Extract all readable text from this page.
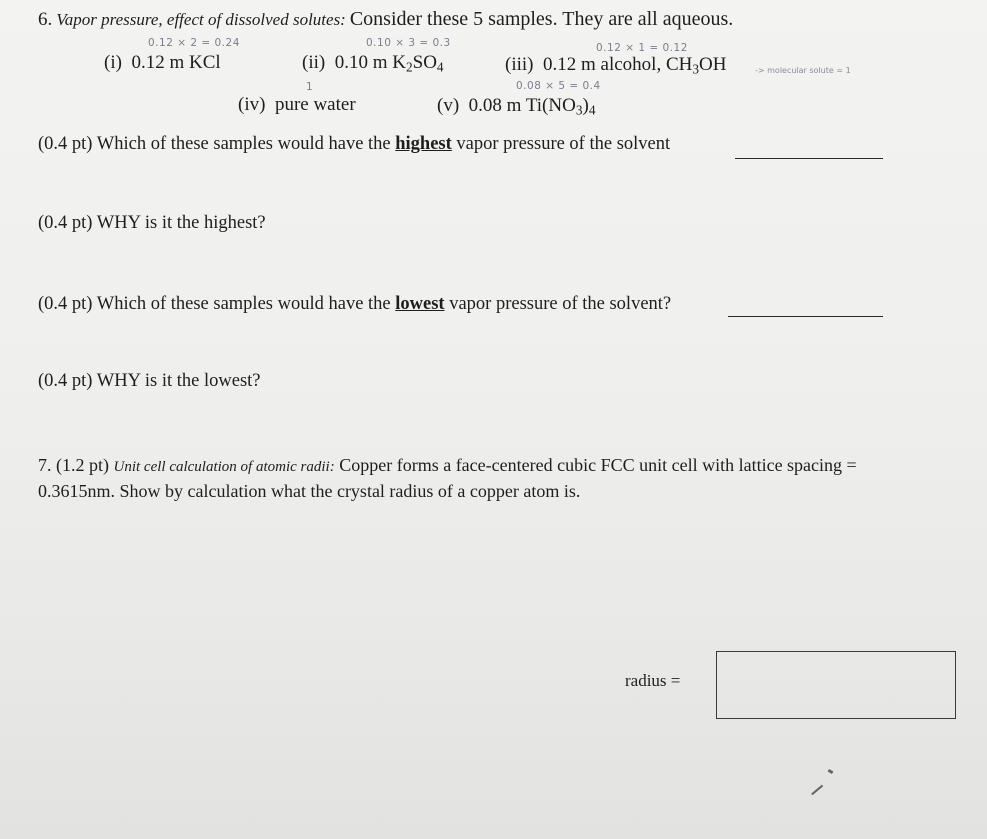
6. Vapor pressure, effect of dissolved solutes: Consider these 5 samples. They are all aqueous.
0.12 × 2 = 0.24	0.10 × 3 = 0.3	0.12 × 1 = 0.12
(i) 0.12 m KCl	(ii) 0.10 m $K_2SO_4$	(iii) 0.12 m alcohol, $CH_3OH$	-> molecular solute = 1
1	0.08 × 5 = 0.4
(iv) pure water	(v) 0.08 m $Ti(NO_3)_4$
(0.4 pt) Which of these samples would have the highest vapor pressure of the solvent
(0.4 pt) WHY is it the highest?
(0.4 pt) Which of these samples would have the lowest vapor pressure of the solvent?
(0.4 pt) WHY is it the lowest?
7. (1.2 pt) Unit cell calculation of atomic radii: Copper forms a face-centered cubic FCC unit cell with lattice spacing = 0.3615nm. Show by calculation what the crystal radius of a copper atom is.
radius =
